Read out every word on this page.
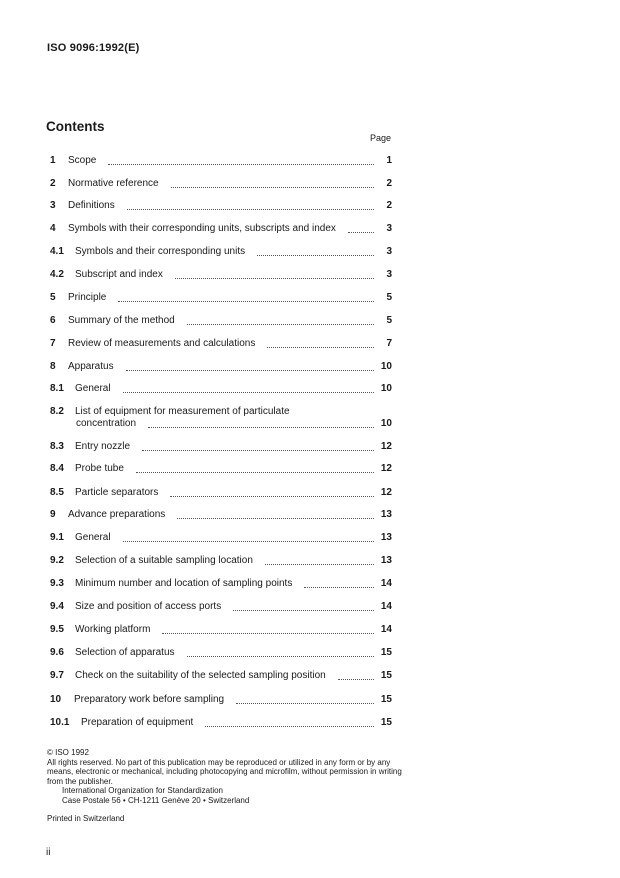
ISO 9096:1992(E)
Contents
Page
1 Scope	1
2 Normative reference	2
3 Definitions	2
4 Symbols with their corresponding units, subscripts and index	3
4.1 Symbols and their corresponding units	3
4.2 Subscript and index	3
5 Principle	5
6 Summary of the method	5
7 Review of measurements and calculations	7
8 Apparatus	10
8.1 General	10
8.2 List of equipment for measurement of particulate
concentration	10
8.3 Entry nozzle	12
8.4 Probe tube	12
8.5 Particle separators	12
9 Advance preparations	13
9.1 General	13
9.2 Selection of a suitable sampling location	13
9.3 Minimum number and location of sampling points	14
9.4 Size and position of access ports	14
9.5 Working platform	14
9.6 Selection of apparatus	15
9.7 Check on the suitability of the selected sampling position	15
10 Preparatory work before sampling	15
10.1 Preparation of equipment	15
© ISO 1992
All rights reserved. No part of this publication may be reproduced or utilized in any form or by any means, electronic or mechanical, including photocopying and microfilm, without permission in writing from the publisher.
International Organization for Standardization
Case Postale 56 • CH-1211 Genève 20 • Switzerland
Printed in Switzerland
ii
